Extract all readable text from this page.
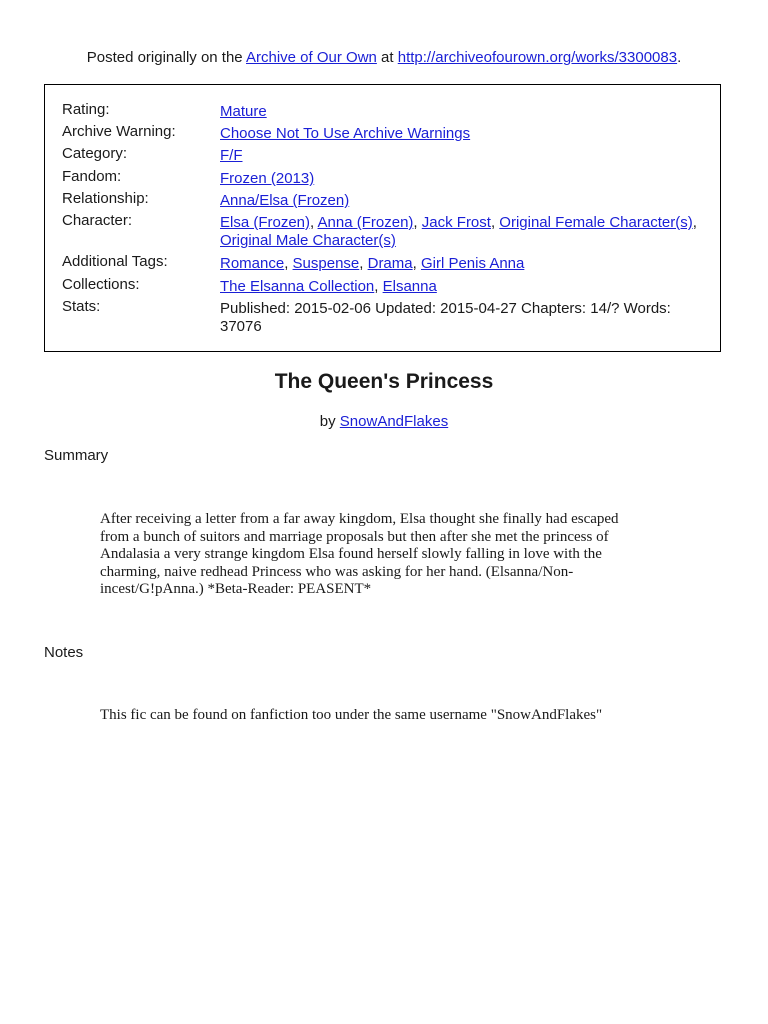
Posted originally on the Archive of Our Own at http://archiveofourown.org/works/3300083.
Rating:	Mature
Archive Warning:	Choose Not To Use Archive Warnings
Category:	F/F
Fandom:	Frozen (2013)
Relationship:	Anna/Elsa (Frozen)
Character:	Elsa (Frozen), Anna (Frozen), Jack Frost, Original Female Character(s), Original Male Character(s)
Additional Tags:	Romance, Suspense, Drama, Girl Penis Anna
Collections:	The Elsanna Collection, Elsanna
Stats:	Published: 2015-02-06 Updated: 2015-04-27 Chapters: 14/? Words: 37076
The Queen's Princess
by SnowAndFlakes
Summary
After receiving a letter from a far away kingdom, Elsa thought she finally had escaped from a bunch of suitors and marriage proposals but then after she met the princess of Andalasia a very strange kingdom Elsa found herself slowly falling in love with the charming, naive redhead Princess who was asking for her hand. (Elsanna/Non-incest/G!pAnna.) *Beta-Reader: PEASENT*
Notes
This fic can be found on fanfiction too under the same username "SnowAndFlakes"
